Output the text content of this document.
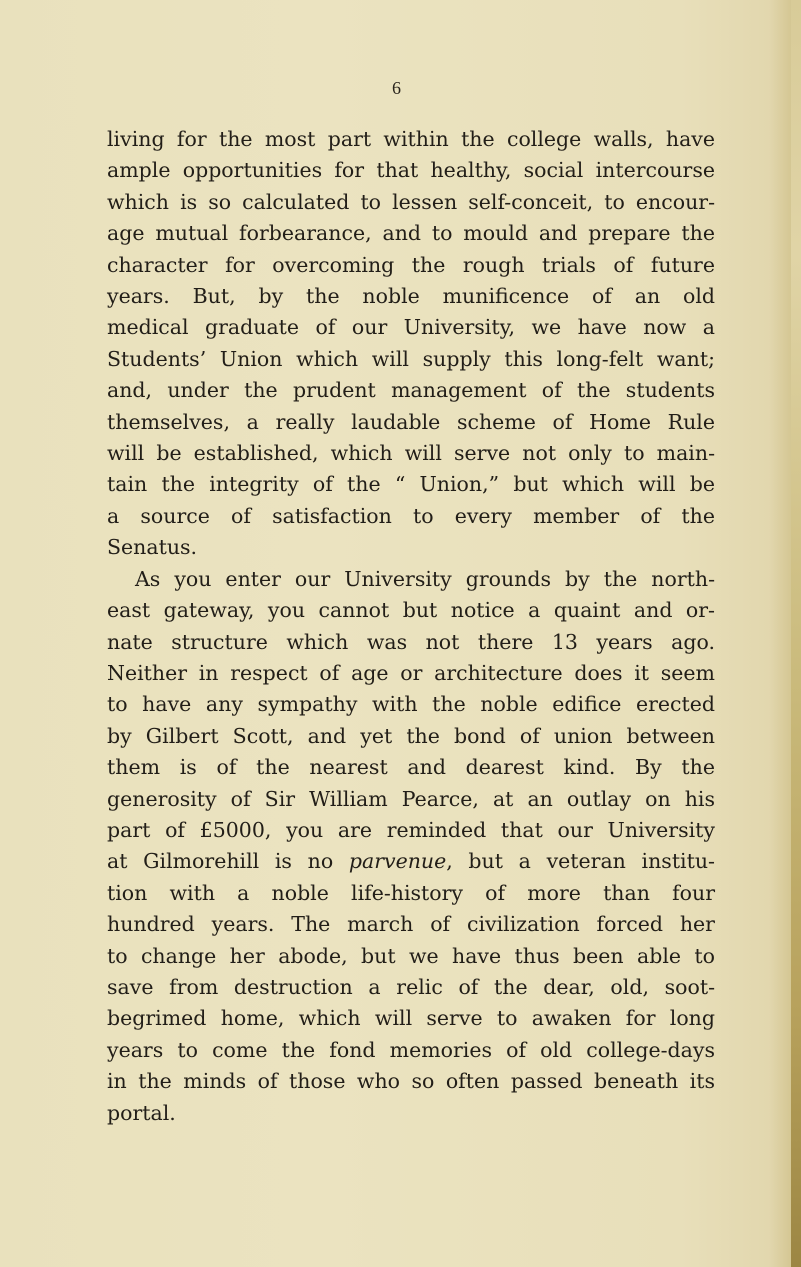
6
living for the most part within the college walls, have
ample opportunities for that healthy, social intercourse
which is so calculated to lessen self-conceit, to encour-
age mutual forbearance, and to mould and prepare the
character for overcoming the rough trials of future
years. But, by the noble munificence of an old
medical graduate of our University, we have now a
Students’ Union which will supply this long-felt want;
and, under the prudent management of the students
themselves, a really laudable scheme of Home Rule
will be established, which will serve not only to main-
tain the integrity of the “ Union,” but which will be
a source of satisfaction to every member of the
Senatus.
As you enter our University grounds by the north-
east gateway, you cannot but notice a quaint and or-
nate structure which was not there 13 years ago.
Neither in respect of age or architecture does it seem
to have any sympathy with the noble edifice erected
by Gilbert Scott, and yet the bond of union between
them is of the nearest and dearest kind. By the
generosity of Sir William Pearce, at an outlay on his
part of £5000, you are reminded that our University
at Gilmorehill is no parvenue, but a veteran institu-
tion with a noble life-history of more than four
hundred years. The march of civilization forced her
to change her abode, but we have thus been able to
save from destruction a relic of the dear, old, soot-
begrimed home, which will serve to awaken for long
years to come the fond memories of old college-days
in the minds of those who so often passed beneath its
portal.
